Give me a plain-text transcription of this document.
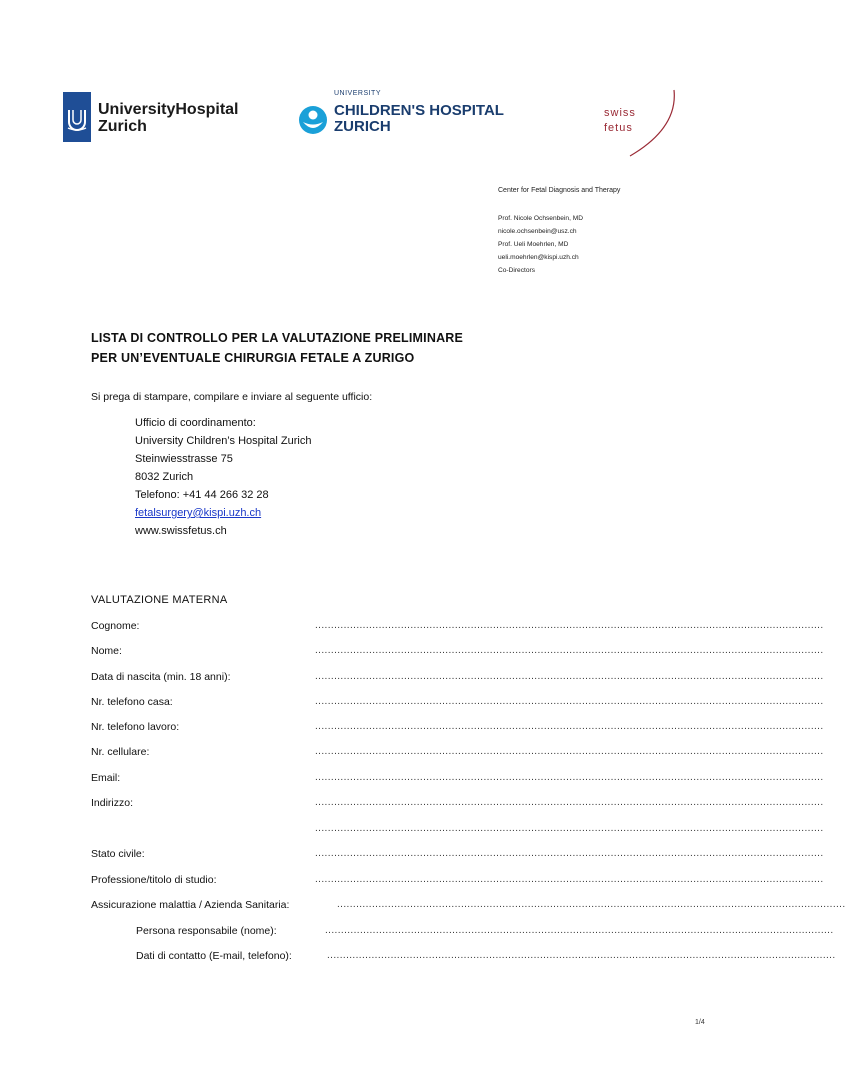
UniversityHospital
Zurich
UNIVERSITY
CHILDREN'S HOSPITAL
ZURICH
swiss
fetus
Center for Fetal Diagnosis and Therapy
Prof. Nicole Ochsenbein, MD
nicole.ochsenbein@usz.ch
Prof. Ueli Moehrlen, MD
ueli.moehrlen@kispi.uzh.ch
Co-Directors
LISTA DI CONTROLLO PER LA VALUTAZIONE PRELIMINARE
PER UN’EVENTUALE CHIRURGIA FETALE A ZURIGO
Si prega di stampare, compilare e inviare al seguente ufficio:
Ufficio di coordinamento:
University Children’s Hospital Zurich
Steinwiesstrasse 75
8032 Zurich
Telefono: +41 44 266 32 28
fetalsurgery@kispi.uzh.ch
www.swissfetus.ch
VALUTAZIONE MATERNA
Cognome:	................................................................................................................................................................
Nome:	................................................................................................................................................................
Data di nascita (min. 18 anni):	................................................................................................................................................................
Nr. telefono casa:	................................................................................................................................................................
Nr. telefono lavoro:	................................................................................................................................................................
Nr. cellulare:	................................................................................................................................................................
Email:	................................................................................................................................................................
Indirizzo:	................................................................................................................................................................
................................................................................................................................................................
Stato civile:	................................................................................................................................................................
Professione/titolo di studio:	................................................................................................................................................................
Assicurazione malattia / Azienda Sanitaria:	................................................................................................................................................................
Persona responsabile (nome):	................................................................................................................................................................
Dati di contatto (E-mail, telefono):	................................................................................................................................................................
1/4
